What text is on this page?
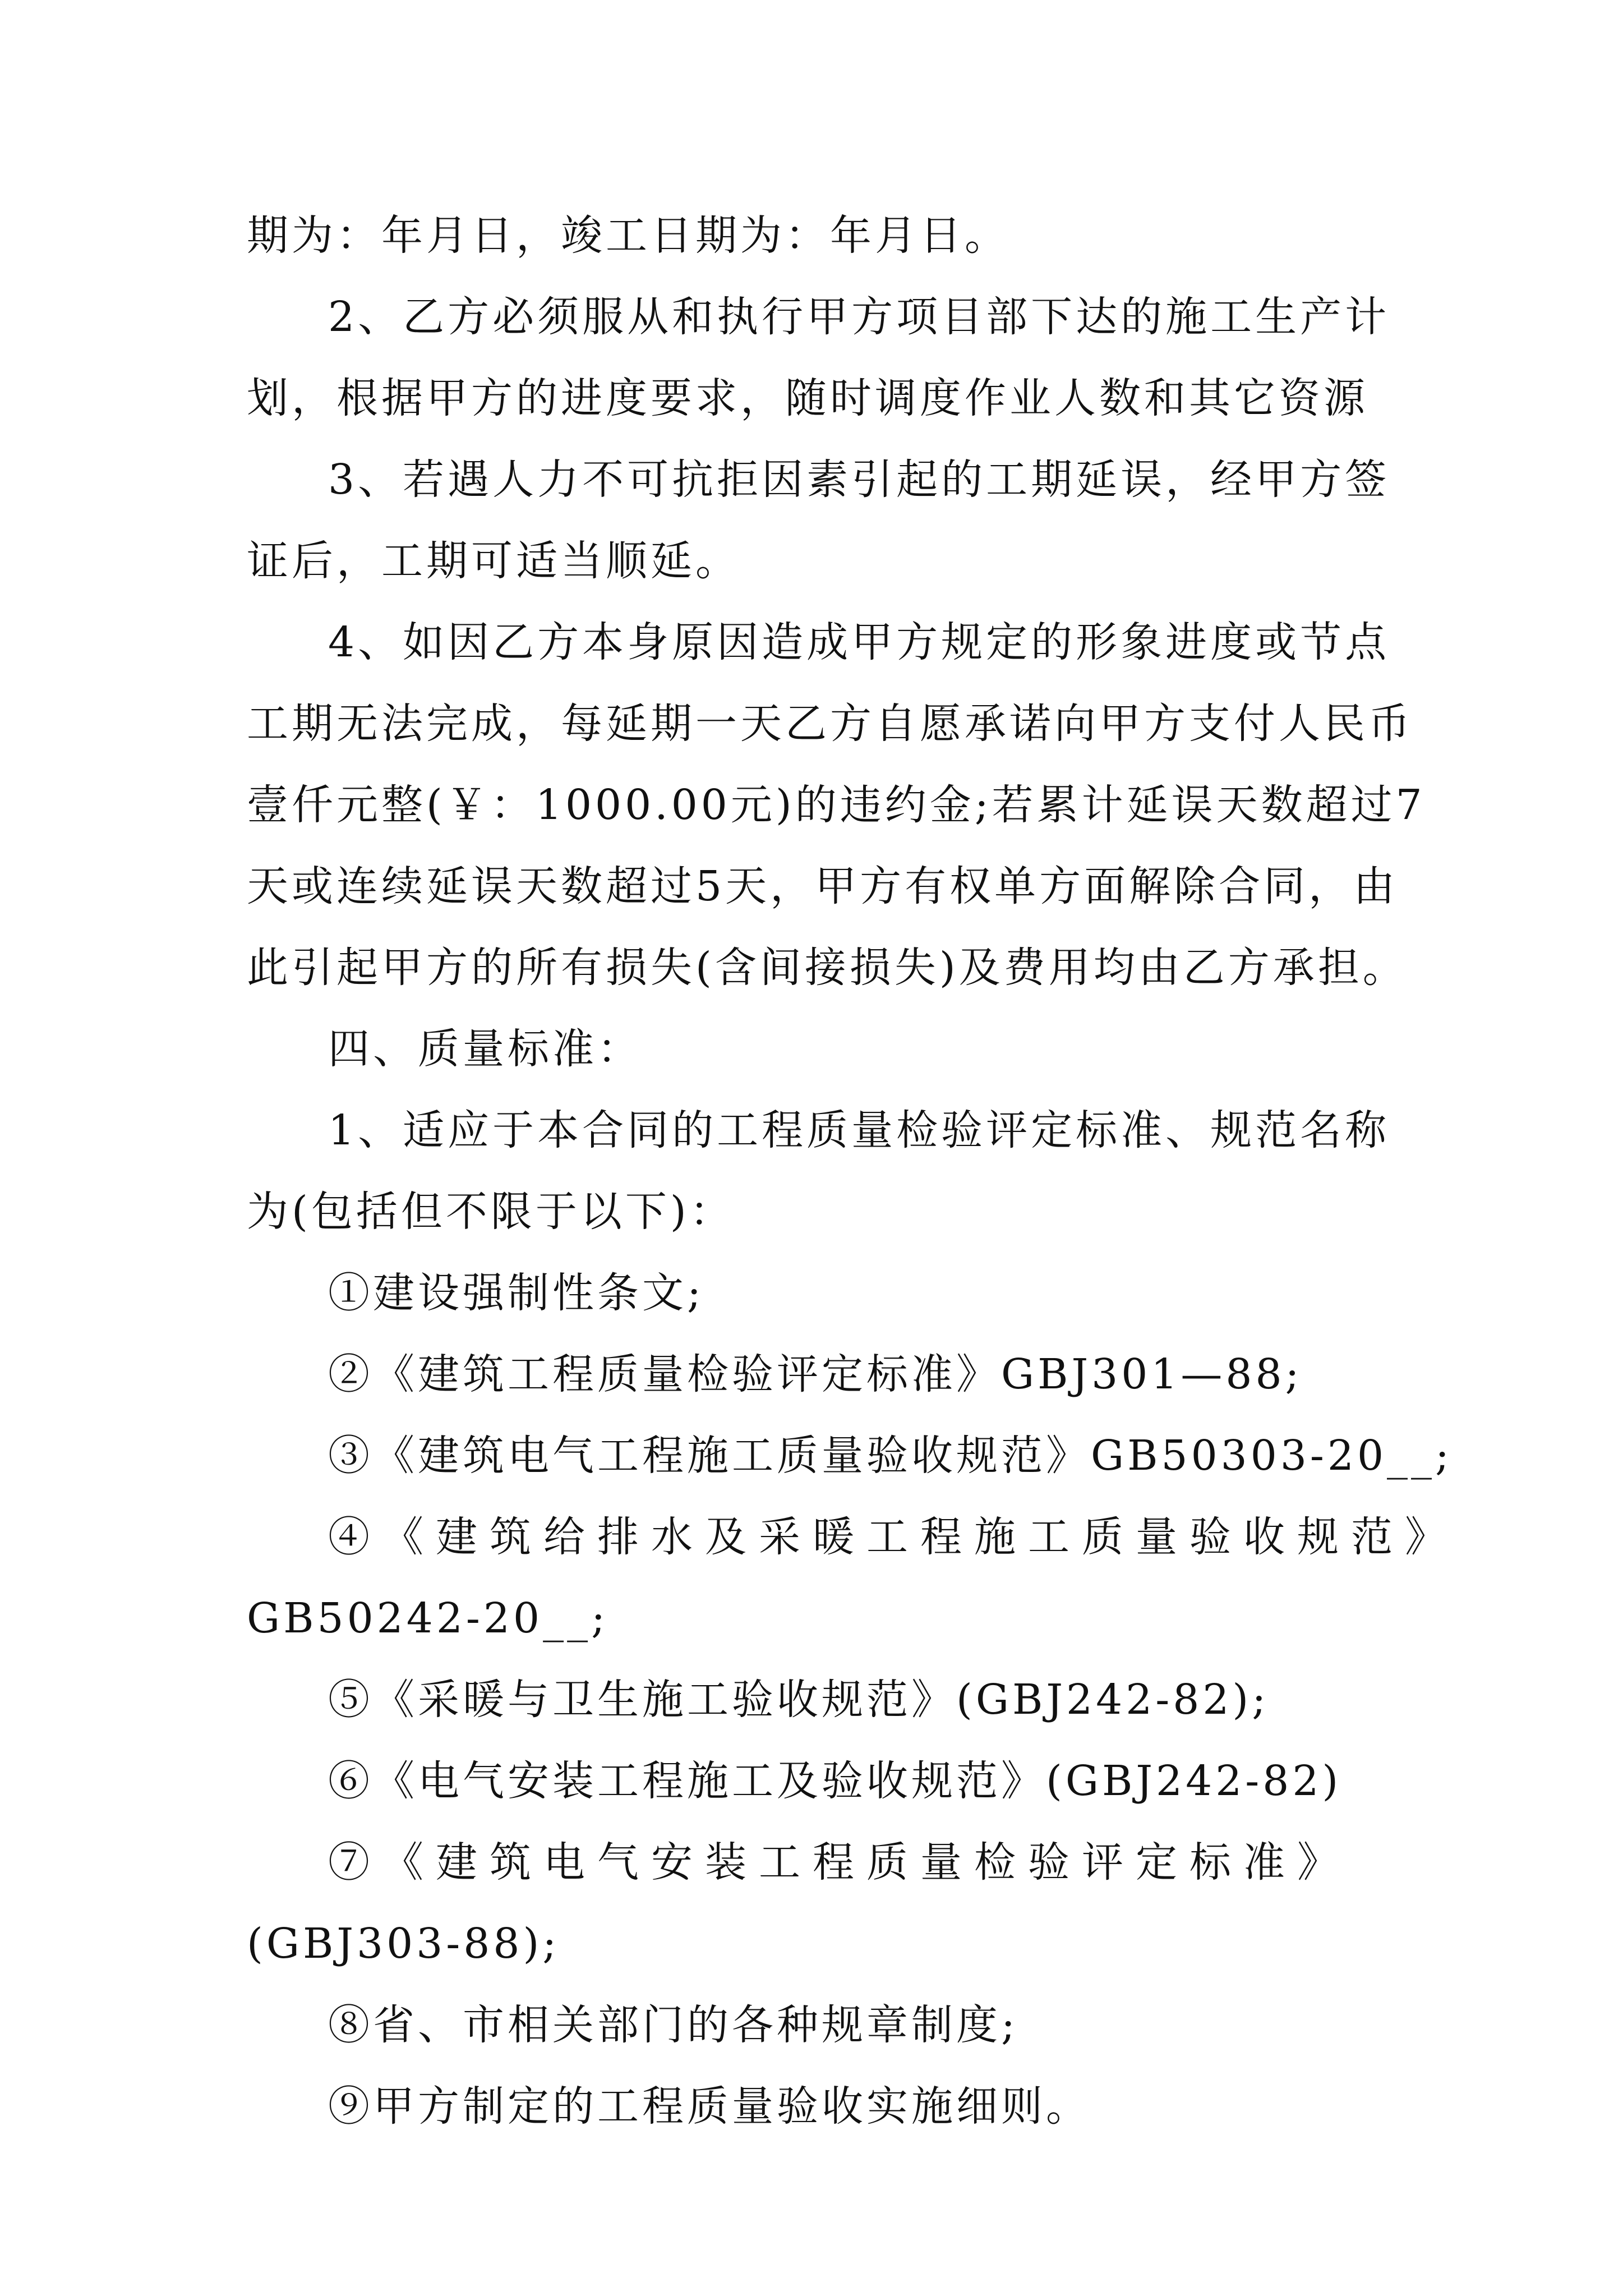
期为：年月日，竣工日期为：年月日。
2、乙方必须服从和执行甲方项目部下达的施工生产计
划，根据甲方的进度要求，随时调度作业人数和其它资源
3、若遇人力不可抗拒因素引起的工期延误，经甲方签
证后，工期可适当顺延。
4、如因乙方本身原因造成甲方规定的形象进度或节点
工期无法完成，每延期一天乙方自愿承诺向甲方支付人民币
壹仟元整(￥：1000.00元)的违约金;若累计延误天数超过7
天或连续延误天数超过5天，甲方有权单方面解除合同，由
此引起甲方的所有损失(含间接损失)及费用均由乙方承担。
四、质量标准：
1、适应于本合同的工程质量检验评定标准、规范名称
为(包括但不限于以下)：
①建设强制性条文;
②《建筑工程质量检验评定标准》GBJ301—88;
③《建筑电气工程施工质量验收规范》GB50303-20__;
④《建筑给排水及采暖工程施工质量验收规范》
GB50242-20__;
⑤《采暖与卫生施工验收规范》(GBJ242-82);
⑥《电气安装工程施工及验收规范》(GBJ242-82)
⑦《建筑电气安装工程质量检验评定标准》
(GBJ303-88);
⑧省、市相关部门的各种规章制度;
⑨甲方制定的工程质量验收实施细则。
